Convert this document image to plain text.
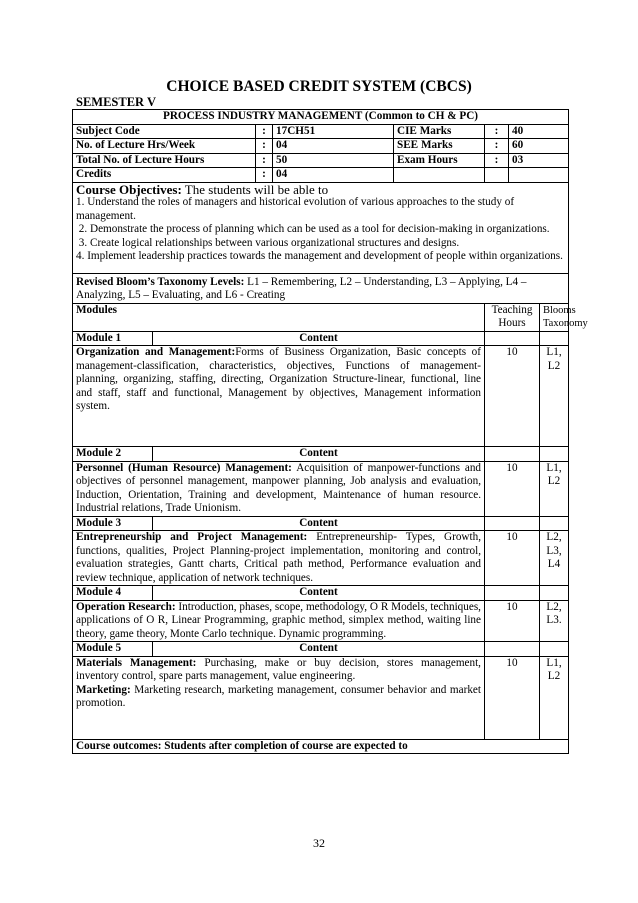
CHOICE BASED CREDIT SYSTEM (CBCS)
SEMESTER V
PROCESS INDUSTRY MANAGEMENT (Common to CH & PC)							
Subject Code		:	17CH51	CIE Marks	:	40	
No. of Lecture Hrs/Week		:	04	SEE Marks	:	60	
Total No. of Lecture Hours		:	50	Exam Hours	:	03	
Credits		:	04				

Course Objectives: The students will be able to
1. Understand the roles of managers and historical evolution of various approaches to the study of management.
2. Demonstrate the process of planning which can be used as a tool for decision-making in organizations.
3. Create logical relationships between various organizational structures and designs.
4. Implement leadership practices towards the management and development of people within organizations.							

Revised Bloom’s Taxonomy Levels: L1 – Remembering, L2 – Understanding, L3 – Applying, L4 – Analyzing, L5 – Evaluating, and L6 - Creating							
Modules					Teaching Hours		Blooms Taxonomy
Module 1	Content						

Organization and Management:Forms of Business Organization, Basic concepts of management-classification, characteristics, objectives, Functions of management-planning, organizing, staffing, directing, Organization Structure-linear, functional, line and staff, staff and functional, Management by objectives, Management information system.					10		L1, L2
Module 2	Content						

Personnel (Human Resource) Management: Acquisition of manpower-functions and objectives of personnel management, manpower planning, Job analysis and evaluation, Induction, Orientation, Training and development, Maintenance of human resource. Industrial relations, Trade Unionism.					10		L1, L2
Module 3	Content						

Entrepreneurship and Project Management: Entrepreneurship- Types, Growth, functions, qualities, Project Planning-project implementation, monitoring and control, evaluation strategies, Gantt charts, Critical path method, Performance evaluation and review technique, application of network techniques.					10		L2, L3, L4
Module 4	Content						

Operation Research: Introduction, phases, scope, methodology, O R Models, techniques, applications of O R, Linear Programming, graphic method, simplex method, waiting line theory, game theory, Monte Carlo technique. Dynamic programming.					10		L2, L3.
Module 5	Content						

Materials Management: Purchasing, make or buy decision, stores management, inventory control, spare parts management, value engineering.
Marketing: Marketing research, marketing management, consumer behavior and market promotion.					10		L1, L2
Course outcomes: Students after completion of course are expected to							
32
